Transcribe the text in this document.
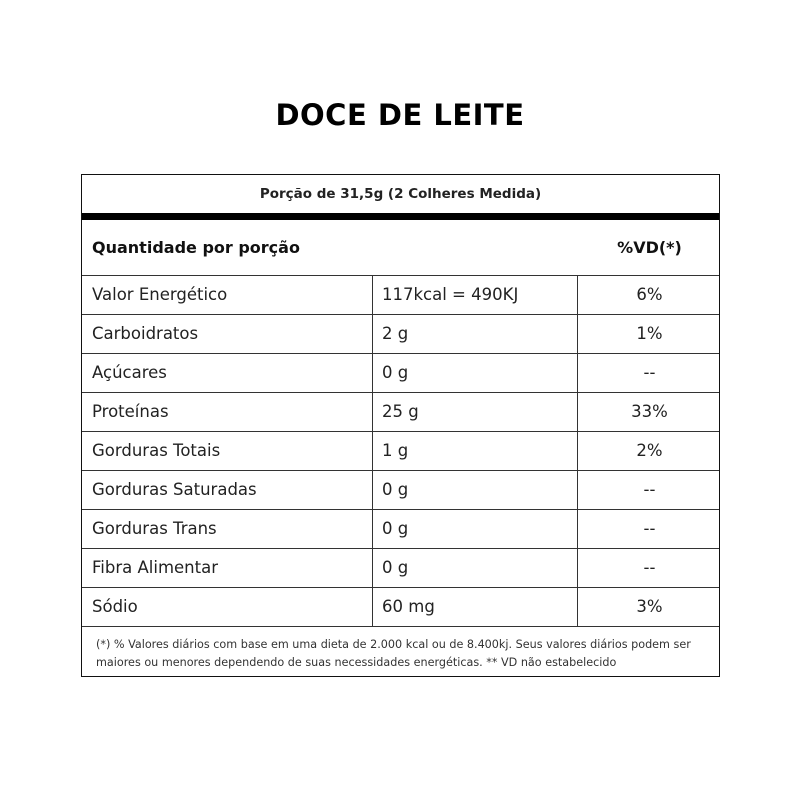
DOCE DE LEITE
Porção de 31,5g (2 Colheres Medida)
Quantidade por porção	%VD(*)
Valor Energético	117kcal = 490KJ	6%
Carboidratos	2 g	1%
Açúcares	0 g	--
Proteínas	25 g	33%
Gorduras Totais	1 g	2%
Gorduras Saturadas	0 g	--
Gorduras Trans	0 g	--
Fibra Alimentar	0 g	--
Sódio	60 mg	3%
(*) % Valores diários com base em uma dieta de 2.000 kcal ou de 8.400kj. Seus valores diários podem ser maiores ou menores dependendo de suas necessidades energéticas. ** VD não estabelecido
